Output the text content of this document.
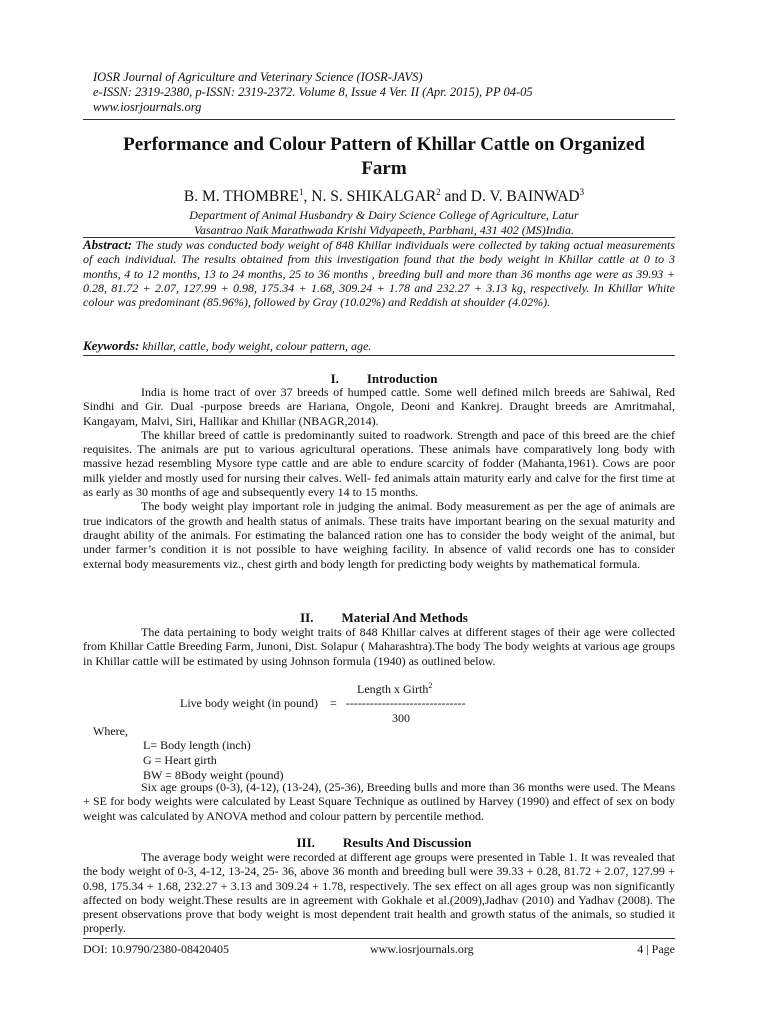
IOSR Journal of Agriculture and Veterinary Science (IOSR-JAVS)
e-ISSN: 2319-2380, p-ISSN: 2319-2372. Volume 8, Issue 4 Ver. II (Apr. 2015), PP 04-05
www.iosrjournals.org
Performance and Colour Pattern of Khillar Cattle on Organized
Farm
B. M. THOMBRE$^1$, N. S. SHIKALGAR$^2$ and D. V. BAINWAD$^3$
Department of Animal Husbandry & Dairy Science College of Agriculture, Latur
Vasantrao Naik Marathwada Krishi Vidyapeeth, Parbhani, 431 402 (MS)India.
Abstract: The study was conducted body weight of 848 Khillar individuals were collected by taking actual measurements of each individual. The results obtained from this investigation found that the body weight in Khillar cattle at 0 to 3 months, 4 to 12 months, 13 to 24 months, 25 to 36 months , breeding bull and more than 36 months age were as 39.93 + 0.28, 81.72 + 2.07, 127.99 + 0.98, 175.34 + 1.68, 309.24 + 1.78 and 232.27 + 3.13 kg, respectively. In Khillar White colour was predominant (85.96%), followed by Gray (10.02%) and Reddish at shoulder (4.02%).
Keywords: khillar, cattle, body weight, colour pattern, age.
I. Introduction

India is home tract of over 37 breeds of humped cattle. Some well defined milch breeds are Sahiwal, Red Sindhi and Gir. Dual -purpose breeds are Hariana, Ongole, Deoni and Kankrej. Draught breeds are Amritmahal, Kangayam, Malvi, Siri, Hallikar and Khillar (NBAGR,2014).

The khillar breed of cattle is predominantly suited to roadwork. Strength and pace of this breed are the chief requisites. The animals are put to various agricultural operations. These animals have comparatively long body with massive hezad resembling Mysore type cattle and are able to endure scarcity of fodder (Mahanta,1961). Cows are poor milk yielder and mostly used for nursing their calves. Well- fed animals attain maturity early and calve for the first time at as early as 30 months of age and subsequently every 14 to 15 months.

The body weight play important role in judging the animal. Body measurement as per the age of animals are true indicators of the growth and health status of animals. These traits have important bearing on the sexual maturity and draught ability of the animals. For estimating the balanced ration one has to consider the body weight of the animal, but under farmer’s condition it is not possible to have weighing facility. In absence of valid records one has to consider external body measurements viz., chest girth and body length for predicting body weights by mathematical formula.

II. Material And Methods

The data pertaining to body weight traits of 848 Khillar calves at different stages of their age were collected from Khillar Cattle Breeding Farm, Junoni, Dist. Solapur ( Maharashtra).The body The body weights at various age groups in Khillar cattle will be estimated by using Johnson formula (1940) as outlined below.

Length x Girth$^2$
Live body weight (in pound)    =   ------------------------------
300
Where,
L= Body length (inch)
G = Heart girth
BW = 8Body weight (pound)

Six age groups (0-3), (4-12), (13-24), (25-36), Breeding bulls and more than 36 months were used. The Means + SE for body weights were calculated by Least Square Technique as outlined by Harvey (1990) and effect of sex on body weight was calculated by ANOVA method and colour pattern by percentile method.

III. Results And Discussion

The average body weight were recorded at different age groups were presented in Table 1. It was revealed that the body weight of 0-3, 4-12, 13-24, 25- 36, above 36 month and breeding bull were 39.33 + 0.28, 81.72 + 2.07, 127.99 + 0.98, 175.34 + 1.68, 232.27 + 3.13 and 309.24 + 1.78, respectively. The sex effect on all ages group was non significantly affected on body weight.These results are in agreement with Gokhale et al.(2009),Jadhav (2010) and Yadhav (2008). The present observations prove that body weight is most dependent trait health and growth status of the animals, so studied it properly.

DOI: 10.9790/2380-08420405	www.iosrjournals.org	4 | Page
